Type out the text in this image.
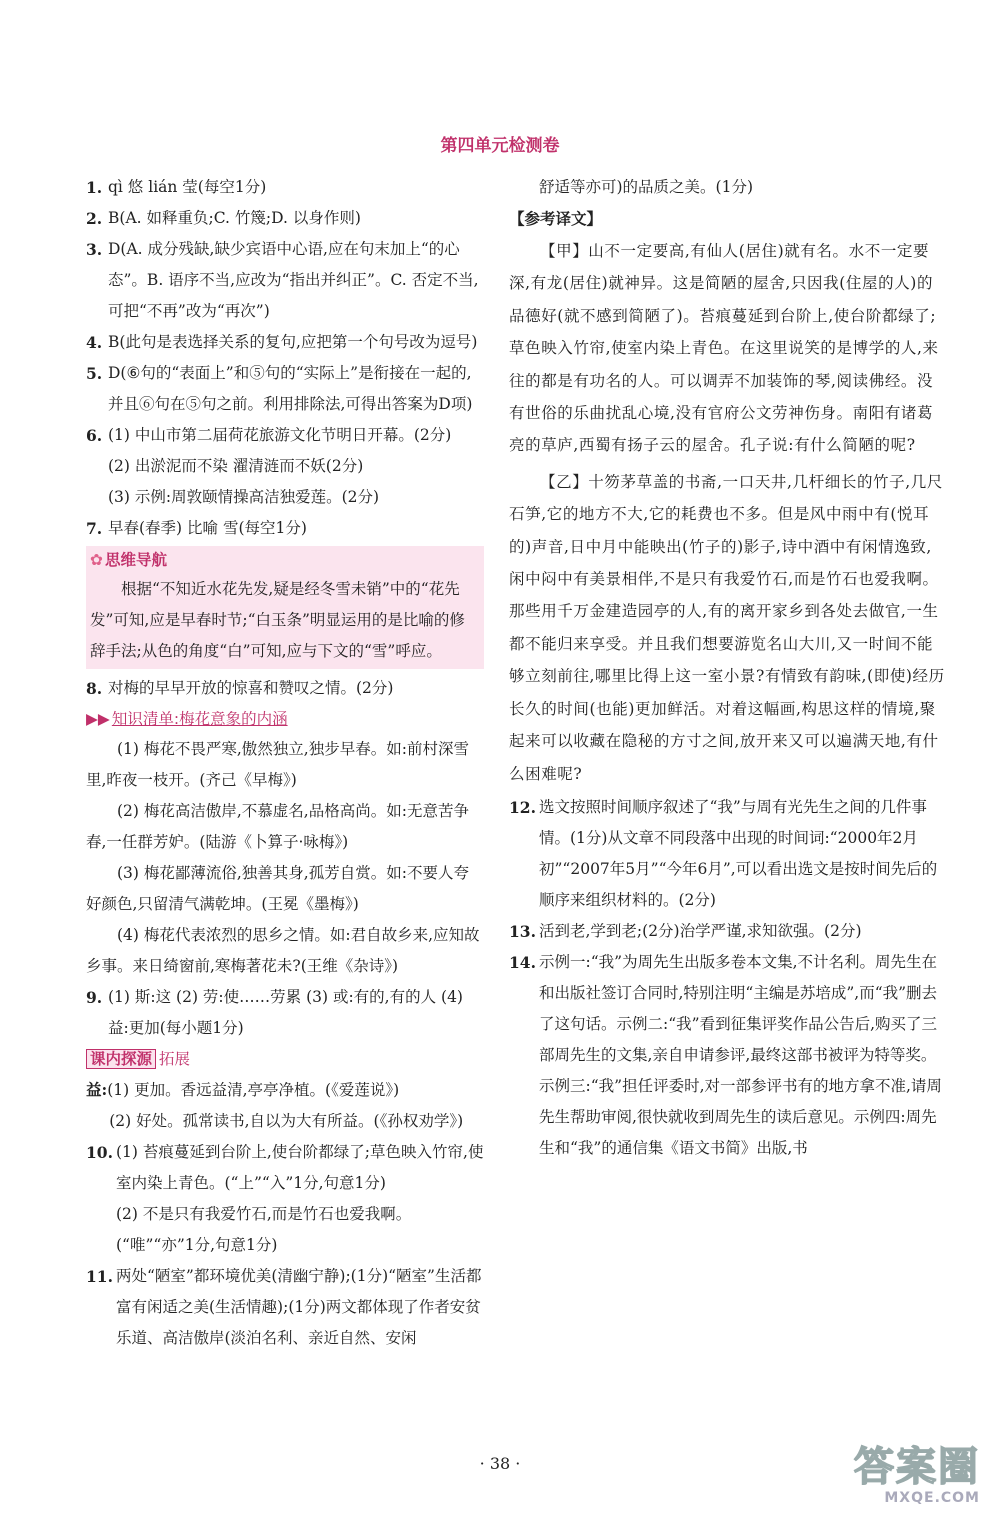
第四单元检测卷
1. qì 悠 lián 莹(每空1分)
2. B(A. 如释重负;C. 竹篾;D. 以身作则)
3. D(A. 成分残缺,缺少宾语中心语,应在句末加上“的心态”。B. 语序不当,应改为“指出并纠正”。C. 否定不当,可把“不再”改为“再次”)
4. B(此句是表选择关系的复句,应把第一个句号改为逗号)
5. D(⑥句的“表面上”和⑤句的“实际上”是衔接在一起的,并且⑥句在⑤句之前。利用排除法,可得出答案为D项)
6. (1) 中山市第二届荷花旅游文化节明日开幕。(2分)
(2) 出淤泥而不染 濯清涟而不妖(2分)
(3) 示例:周敦颐情操高洁独爱莲。(2分)
7. 早春(春季) 比喻 雪(每空1分)
✿ 思维导航

根据“不知近水花先发,疑是经冬雪未销”中的“花先发”可知,应是早春时节;“白玉条”明显运用的是比喻的修辞手法;从色的角度“白”可知,应与下文的“雪”呼应。

8. 对梅的早早开放的惊喜和赞叹之情。(2分)
▶▶ 知识清单:梅花意象的内涵

(1) 梅花不畏严寒,傲然独立,独步早春。如:前村深雪里,昨夜一枝开。(齐己《早梅》)

(2) 梅花高洁傲岸,不慕虚名,品格高尚。如:无意苦争春,一任群芳妒。(陆游《卜算子·咏梅》)

(3) 梅花鄙薄流俗,独善其身,孤芳自赏。如:不要人夸好颜色,只留清气满乾坤。(王冕《墨梅》)

(4) 梅花代表浓烈的思乡之情。如:君自故乡来,应知故乡事。来日绮窗前,寒梅著花未?(王维《杂诗》)

9. (1) 斯:这 (2) 劳:使……劳累 (3) 或:有的,有的人 (4) 益:更加(每小题1分)
课内探源 拓展

益:(1) 更加。香远益清,亭亭净植。(《爱莲说》)

(2) 好处。孤常读书,自以为大有所益。(《孙权劝学》)

10. (1) 苔痕蔓延到台阶上,使台阶都绿了;草色映入竹帘,使室内染上青色。(“上”“入”1分,句意1分)
(2) 不是只有我爱竹石,而是竹石也爱我啊。(“唯”“亦”1分,句意1分)
11. 两处“陋室”都环境优美(清幽宁静);(1分)“陋室”生活都富有闲适之美(生活情趣);(1分)两文都体现了作者安贫乐道、高洁傲岸(淡泊名利、亲近自然、安闲

舒适等亦可)的品质之美。(1分)

【参考译文】

【甲】山不一定要高,有仙人(居住)就有名。水不一定要深,有龙(居住)就神异。这是简陋的屋舍,只因我(住屋的人)的品德好(就不感到简陋了)。苔痕蔓延到台阶上,使台阶都绿了;草色映入竹帘,使室内染上青色。在这里说笑的是博学的人,来往的都是有功名的人。可以调弄不加装饰的琴,阅读佛经。没有世俗的乐曲扰乱心境,没有官府公文劳神伤身。南阳有诸葛亮的草庐,西蜀有扬子云的屋舍。孔子说:有什么简陋的呢?

【乙】十笏茅草盖的书斋,一口天井,几杆细长的竹子,几尺石笋,它的地方不大,它的耗费也不多。但是风中雨中有(悦耳的)声音,日中月中能映出(竹子的)影子,诗中酒中有闲情逸致,闲中闷中有美景相伴,不是只有我爱竹石,而是竹石也爱我啊。那些用千万金建造园亭的人,有的离开家乡到各处去做官,一生都不能归来享受。并且我们想要游览名山大川,又一时间不能够立刻前往,哪里比得上这一室小景?有情致有韵味,(即使)经历长久的时间(也能)更加鲜活。对着这幅画,构思这样的情境,聚起来可以收藏在隐秘的方寸之间,放开来又可以遍满天地,有什么困难呢?

12. 选文按照时间顺序叙述了“我”与周有光先生之间的几件事情。(1分)从文章不同段落中出现的时间词:“2000年2月初”“2007年5月”“今年6月”,可以看出选文是按时间先后的顺序来组织材料的。(2分)
13. 活到老,学到老;(2分)治学严谨,求知欲强。(2分)
14. 示例一:“我”为周先生出版多卷本文集,不计名利。周先生在和出版社签订合同时,特别注明“主编是苏培成”,而“我”删去了这句话。示例二:“我”看到征集评奖作品公告后,购买了三部周先生的文集,亲自申请参评,最终这部书被评为特等奖。示例三:“我”担任评委时,对一部参评书有的地方拿不准,请周先生帮助审阅,很快就收到周先生的读后意见。示例四:周先生和“我”的通信集《语文书简》出版,书
· 38 ·	答案圈
MXQE.COM
